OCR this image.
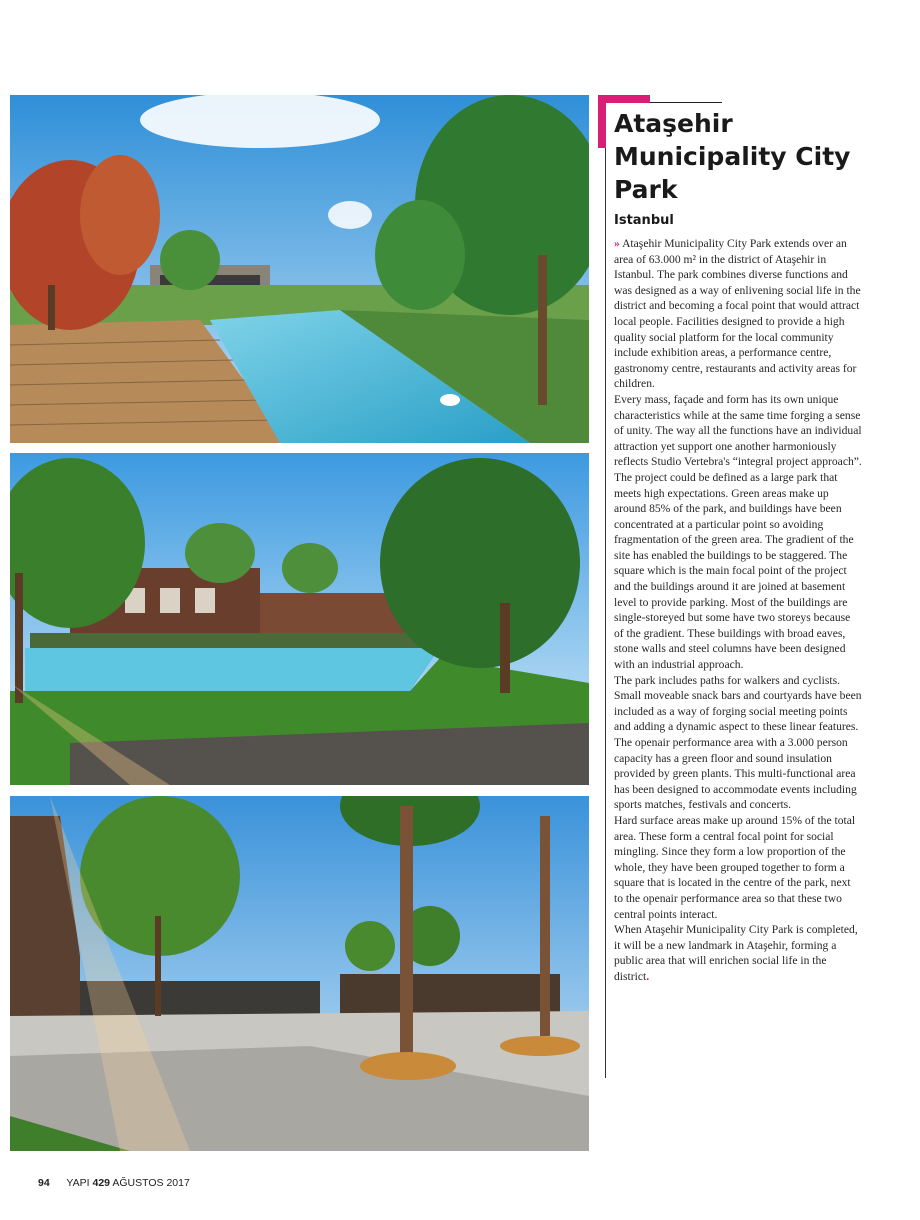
Ataşehir Municipality City Park
Istanbul

» Ataşehir Municipality City Park extends over an area of 63.000 m² in the district of Ataşehir in Istanbul. The park combines diverse functions and was designed as a way of enlivening social life in the district and becoming a focal point that would attract local people. Facilities designed to provide a high quality social platform for the local community include exhibition areas, a performance centre, gastronomy centre, restaurants and activity areas for children.

Every mass, façade and form has its own unique characteristics while at the same time forging a sense of unity. The way all the functions have an individual attraction yet support one another harmoniously reflects Studio Vertebra's “integral project approach”.

The project could be defined as a large park that meets high expectations. Green areas make up around 85% of the park, and buildings have been concentrated at a particular point so avoiding fragmentation of the green area. The gradient of the site has enabled the buildings to be staggered. The square which is the main focal point of the project and the buildings around it are joined at basement level to provide parking. Most of the buildings are single-storeyed but some have two storeys because of the gradient. These buildings with broad eaves, stone walls and steel columns have been designed with an industrial approach.

The park includes paths for walkers and cyclists. Small moveable snack bars and courtyards have been included as a way of forging social meeting points and adding a dynamic aspect to these linear features.

The openair performance area with a 3.000 person capacity has a green floor and sound insulation provided by green plants. This multi-functional area has been designed to accommodate events including sports matches, festivals and concerts.

Hard surface areas make up around 15% of the total area. These form a central focal point for social mingling. Since they form a low proportion of the whole, they have been grouped together to form a square that is located in the centre of the park, next to the openair performance area so that these two central points interact.

When Ataşehir Municipality City Park is completed, it will be a new landmark in Ataşehir, forming a public area that will enrichen social life in the district.

94 YAPI 429 AĞUSTOS 2017
